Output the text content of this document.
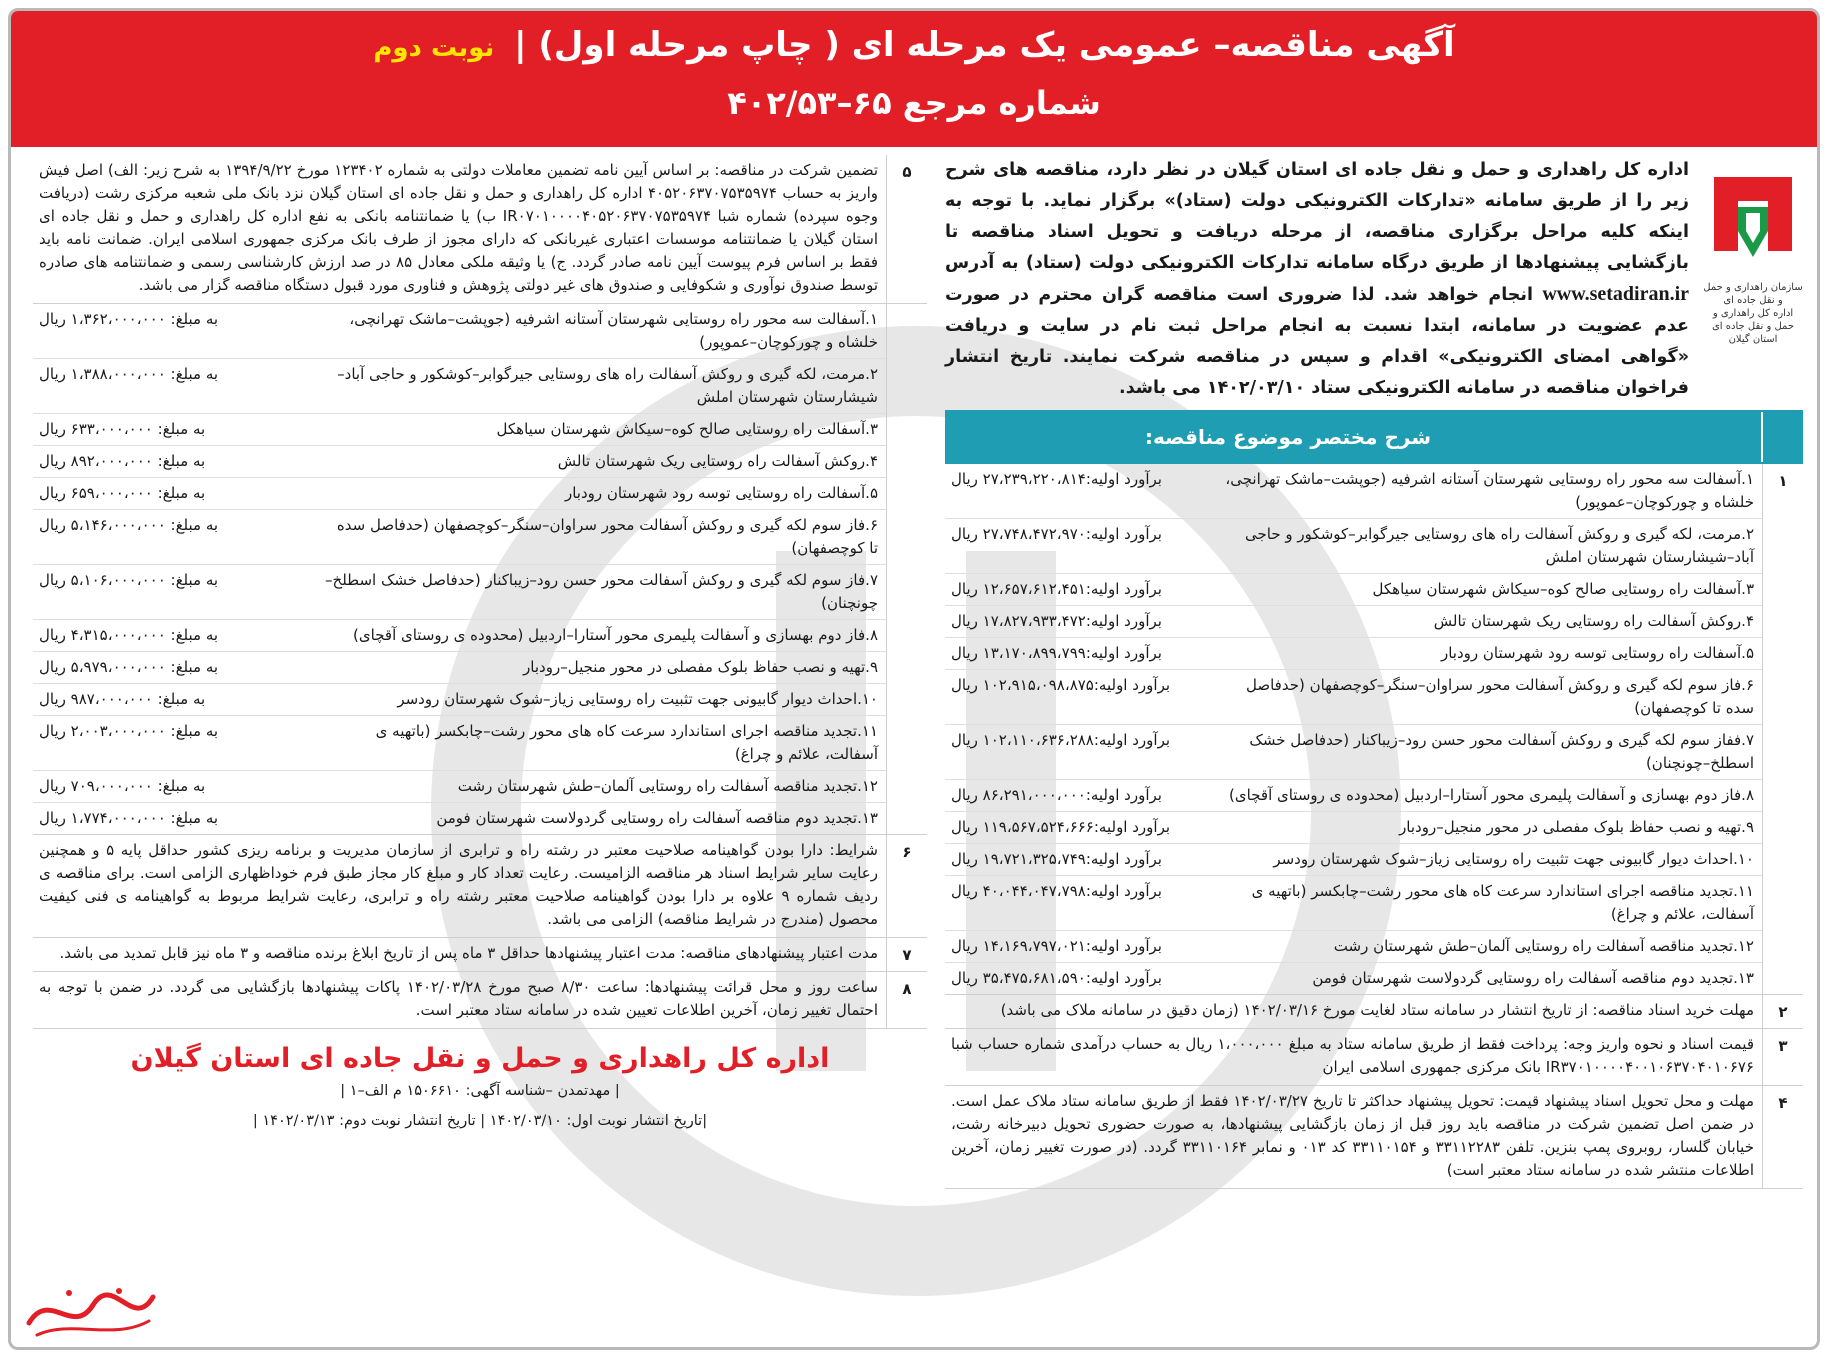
آگهی مناقصه– عمومی یک مرحله ای ( چاپ مرحله اول) | نوبت دوم
شماره مرجع ۶۵–۴۰۲/۵۳
سازمان راهداری و حمل و نقل جاده ای
اداره کل راهداری و حمل و نقل جاده ای استان گیلان
اداره کل راهداری و حمل و نقل جاده ای استان گیلان در نظر دارد، مناقصه های شرح زیر را از طریق سامانه «تدارکات الکترونیکی دولت (ستاد)» برگزار نماید. با توجه به اینکه کلیه مراحل برگزاری مناقصه، از مرحله دریافت و تحویل اسناد مناقصه تا بازگشایی پیشنهادها از طریق درگاه سامانه تدارکات الکترونیکی دولت (ستاد) به آدرس www.setadiran.ir انجام خواهد شد. لذا ضروری است مناقصه گران محترم در صورت عدم عضویت در سامانه، ابتدا نسبت به انجام مراحل ثبت نام در سایت و دریافت «گواهی امضای الکترونیکی» اقدام و سپس در مناقصه شرکت نمایند. تاریخ انتشار فراخوان مناقصه در سامانه الکترونیکی ستاد ۱۴۰۲/۰۳/۱۰ می باشد.
شرح مختصر موضوع مناقصه:
۱
۱.آسفالت سه محور راه روستایی شهرستان آستانه اشرفیه (جوپشت–ماشک تهرانچی، خلشاه و چورکوچان–عموپور)
برآورد اولیه:۲۷،۲۳۹،۲۲۰،۸۱۴ ریال
۲.مرمت، لکه گیری و روکش آسفالت راه های روستایی جیرگوابر–کوشکور و حاجی آباد–شیشارستان شهرستان املش
برآورد اولیه:۲۷،۷۴۸،۴۷۲،۹۷۰ ریال
۳.آسفالت راه روستایی صالح کوه–سیکاش شهرستان سیاهکل
برآورد اولیه:۱۲،۶۵۷،۶۱۲،۴۵۱ ریال
۴.روکش آسفالت راه روستایی ریک شهرستان تالش
برآورد اولیه:۱۷،۸۲۷،۹۳۳،۴۷۲ ریال
۵.آسفالت راه روستایی توسه رود شهرستان رودبار
برآورد اولیه:۱۳،۱۷۰،۸۹۹،۷۹۹ ریال
۶.فاز سوم لکه گیری و روکش آسفالت محور سراوان–سنگر–کوچصفهان (حدفاصل سده تا کوچصفهان)
برآورد اولیه:۱۰۲،۹۱۵،۰۹۸،۸۷۵ ریال
۷.ففاز سوم لکه گیری و روکش آسفالت محور حسن رود–زیباکنار (حدفاصل خشک اسطلخ–چونچنان)
برآورد اولیه:۱۰۲،۱۱۰،۶۳۶،۲۸۸ ریال
۸.فاز دوم بهسازی و آسفالت پلیمری محور آستارا–اردبیل (محدوده ی روستای آقچای)
برآورد اولیه:۸۶،۲۹۱،۰۰۰،۰۰۰ ریال
۹.تهیه و نصب حفاظ بلوک مفصلی در محور منجیل–رودبار
برآورد اولیه:۱۱۹،۵۶۷،۵۲۴،۶۶۶ ریال
۱۰.احداث دیوار گابیونی جهت تثبیت راه روستایی زیاز–شوک شهرستان رودسر
برآورد اولیه:۱۹،۷۲۱،۳۲۵،۷۴۹ ریال
۱۱.تجدید مناقصه اجرای استاندارد سرعت کاه های محور رشت–چابکسر (باتهیه ی آسفالت، علائم و چراغ)
برآورد اولیه:۴۰،۰۴۴،۰۴۷،۷۹۸ ریال
۱۲.تجدید مناقصه آسفالت راه روستایی آلمان–طش شهرستان رشت
برآورد اولیه:۱۴،۱۶۹،۷۹۷،۰۲۱ ریال
۱۳.تجدید دوم مناقصه آسفالت راه روستایی گردولاست شهرستان فومن
برآورد اولیه:۳۵،۴۷۵،۶۸۱،۵۹۰ ریال
۲
مهلت خرید اسناد مناقصه: از تاریخ انتشار در سامانه ستاد لغایت مورخ ۱۴۰۲/۰۳/۱۶ (زمان دقیق در سامانه ملاک می باشد)
۳
قیمت اسناد و نحوه واریز وجه: پرداخت فقط از طریق سامانه ستاد به مبلغ ۱،۰۰۰،۰۰۰ ریال به حساب درآمدی شماره حساب شبا IR۳۷۰۱۰۰۰۰۴۰۰۱۰۶۳۷۰۴۰۱۰۶۷۶ بانک مرکزی جمهوری اسلامی ایران
۴
مهلت و محل تحویل اسناد پیشنهاد قیمت: تحویل پیشنهاد حداکثر تا تاریخ ۱۴۰۲/۰۳/۲۷ فقط از طریق سامانه ستاد ملاک عمل است. در ضمن اصل تضمین شرکت در مناقصه باید روز قبل از زمان بازگشایی پیشنهادها، به صورت حضوری تحویل دبیرخانه رشت، خیابان گلسار، روبروی پمپ بنزین. تلفن ۳۳۱۱۲۲۸۳ و ۳۳۱۱۰۱۵۴ کد ۰۱۳ و نمابر ۳۳۱۱۰۱۶۴ گردد. (در صورت تغییر زمان، آخرین اطلاعات منتشر شده در سامانه ستاد معتبر است)
۵
تضمین شرکت در مناقصه: بر اساس آیین نامه تضمین معاملات دولتی به شماره ۱۲۳۴۰۲ مورخ ۱۳۹۴/۹/۲۲ به شرح زیر: الف) اصل فیش واریز به حساب ۴۰۵۲۰۶۳۷۰۷۵۳۵۹۷۴ اداره کل راهداری و حمل و نقل جاده ای استان گیلان نزد بانک ملی شعبه مرکزی رشت (دریافت وجوه سپرده) شماره شبا IR۰۷۰۱۰۰۰۰۴۰۵۲۰۶۳۷۰۷۵۳۵۹۷۴ ب) یا ضمانتنامه بانکی به نفع اداره کل راهداری و حمل و نقل جاده ای استان گیلان یا ضمانتنامه موسسات اعتباری غیربانکی که دارای مجوز از طرف بانک مرکزی جمهوری اسلامی ایران. ضمانت نامه باید فقط بر اساس فرم پیوست آیین نامه صادر گردد. ج) یا وثیقه ملکی معادل ۸۵ در صد ارزش کارشناسی رسمی و ضمانتنامه های صادره توسط صندوق نوآوری و شکوفایی و صندوق های غیر دولتی پژوهش و فناوری مورد قبول دستگاه مناقصه گزار می باشد.
۱.آسفالت سه محور راه روستایی شهرستان آستانه اشرفیه (جوپشت–ماشک تهرانچی، خلشاه و چورکوچان–عموپور)
به مبلغ: ۱،۳۶۲،۰۰۰،۰۰۰ ریال
۲.مرمت، لکه گیری و روکش آسفالت راه های روستایی جیرگوابر–کوشکور و حاجی آباد–شیشارستان شهرستان املش
به مبلغ: ۱،۳۸۸،۰۰۰،۰۰۰ ریال
۳.آسفالت راه روستایی صالح کوه–سیکاش شهرستان سیاهکل
به مبلغ: ۶۳۳،۰۰۰،۰۰۰ ریال
۴.روکش آسفالت راه روستایی ریک شهرستان تالش
به مبلغ: ۸۹۲،۰۰۰،۰۰۰ ریال
۵.آسفالت راه روستایی توسه رود شهرستان رودبار
به مبلغ: ۶۵۹،۰۰۰،۰۰۰ ریال
۶.فاز سوم لکه گیری و روکش آسفالت محور سراوان–سنگر–کوچصفهان (حدفاصل سده تا کوچصفهان)
به مبلغ: ۵،۱۴۶،۰۰۰،۰۰۰ ریال
۷.فاز سوم لکه گیری و روکش آسفالت محور حسن رود–زیباکنار (حدفاصل خشک اسطلخ–چونچنان)
به مبلغ: ۵،۱۰۶،۰۰۰،۰۰۰ ریال
۸.فاز دوم بهسازی و آسفالت پلیمری محور آستارا–اردبیل (محدوده ی روستای آقچای)
به مبلغ: ۴،۳۱۵،۰۰۰،۰۰۰ ریال
۹.تهیه و نصب حفاظ بلوک مفصلی در محور منجیل–رودبار
به مبلغ: ۵،۹۷۹،۰۰۰،۰۰۰ ریال
۱۰.احداث دیوار گابیونی جهت تثبیت راه روستایی زیاز–شوک شهرستان رودسر
به مبلغ: ۹۸۷،۰۰۰،۰۰۰ ریال
۱۱.تجدید مناقصه اجرای استاندارد سرعت کاه های محور رشت–چابکسر (باتهیه ی آسفالت، علائم و چراغ)
به مبلغ: ۲،۰۰۳،۰۰۰،۰۰۰ ریال
۱۲.تجدید مناقصه آسفالت راه روستایی آلمان–طش شهرستان رشت
به مبلغ: ۷۰۹،۰۰۰،۰۰۰ ریال
۱۳.تجدید دوم مناقصه آسفالت راه روستایی گردولاست شهرستان فومن
به مبلغ: ۱،۷۷۴،۰۰۰،۰۰۰ ریال
۶
شرایط: دارا بودن گواهینامه صلاحیت معتبر در رشته راه و ترابری از سازمان مدیریت و برنامه ریزی کشور حداقل پایه ۵ و همچنین رعایت سایر شرایط اسناد هر مناقصه الزامیست. رعایت تعداد کار و مبلغ کار مجاز طبق فرم خوداظهاری الزامی است. برای مناقصه ی ردیف شماره ۹ علاوه بر دارا بودن گواهینامه صلاحیت معتبر رشته راه و ترابری، رعایت شرایط مربوط به گواهینامه ی فنی کیفیت محصول (مندرج در شرایط مناقصه) الزامی می باشد.
۷
مدت اعتبار پیشنهادهای مناقصه: مدت اعتبار پیشنهادها حداقل ۳ ماه پس از تاریخ ابلاغ برنده مناقصه و ۳ ماه نیز قابل تمدید می باشد.
۸
ساعت روز و محل قرائت پیشنهادها: ساعت ۸/۳۰ صبح مورخ ۱۴۰۲/۰۳/۲۸ پاکات پیشنهادها بازگشایی می گردد. در ضمن با توجه به احتمال تغییر زمان، آخرین اطلاعات تعیین شده در سامانه ستاد معتبر است.
اداره کل راهداری و حمل و نقل جاده ای استان گیلان
| مهدتمدن –شناسه آگهی: ۱۵۰۶۶۱۰ م الف–۱ |
|تاریخ انتشار نوبت اول: ۱۴۰۲/۰۳/۱۰ | تاریخ انتشار نوبت دوم: ۱۴۰۲/۰۳/۱۳ |
